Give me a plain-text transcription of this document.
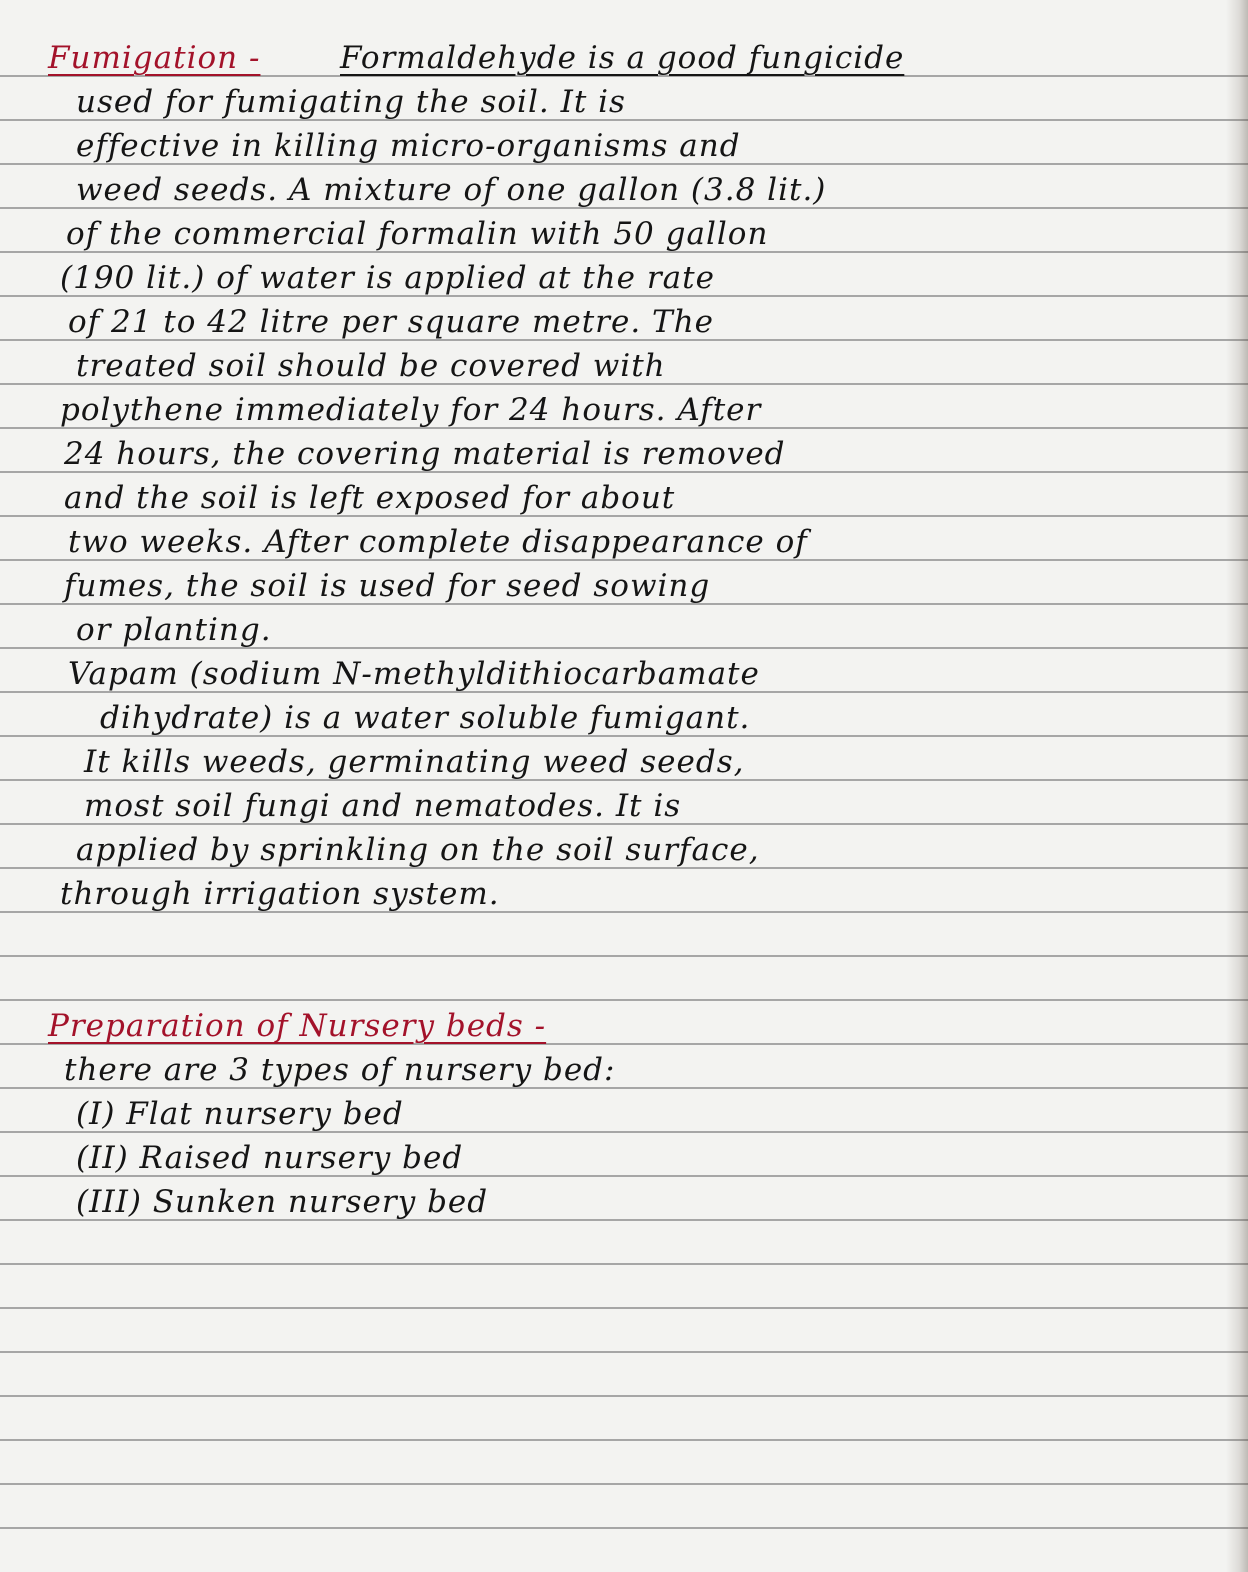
Fumigation -	Formaldehyde is a good fungicide
used for fumigating the soil. It is
effective in killing micro-organisms and
weed seeds. A mixture of one gallon (3.8 lit.)
of the commercial formalin with 50 gallon
(190 lit.) of water is applied at the rate
of 21 to 42 litre per square metre. The
treated soil should be covered with
polythene immediately for 24 hours. After
24 hours, the covering material is removed
and the soil is left exposed for about
two weeks. After complete disappearance of
fumes, the soil is used for seed sowing
or planting.
Vapam (sodium N-methyldithiocarbamate
dihydrate) is a water soluble fumigant.
It kills weeds, germinating weed seeds,
most soil fungi and nematodes. It is
applied by sprinkling on the soil surface,
through irrigation system.
Preparation of Nursery beds -
there are 3 types of nursery bed:
(I) Flat nursery bed
(II) Raised nursery bed
(III) Sunken nursery bed
